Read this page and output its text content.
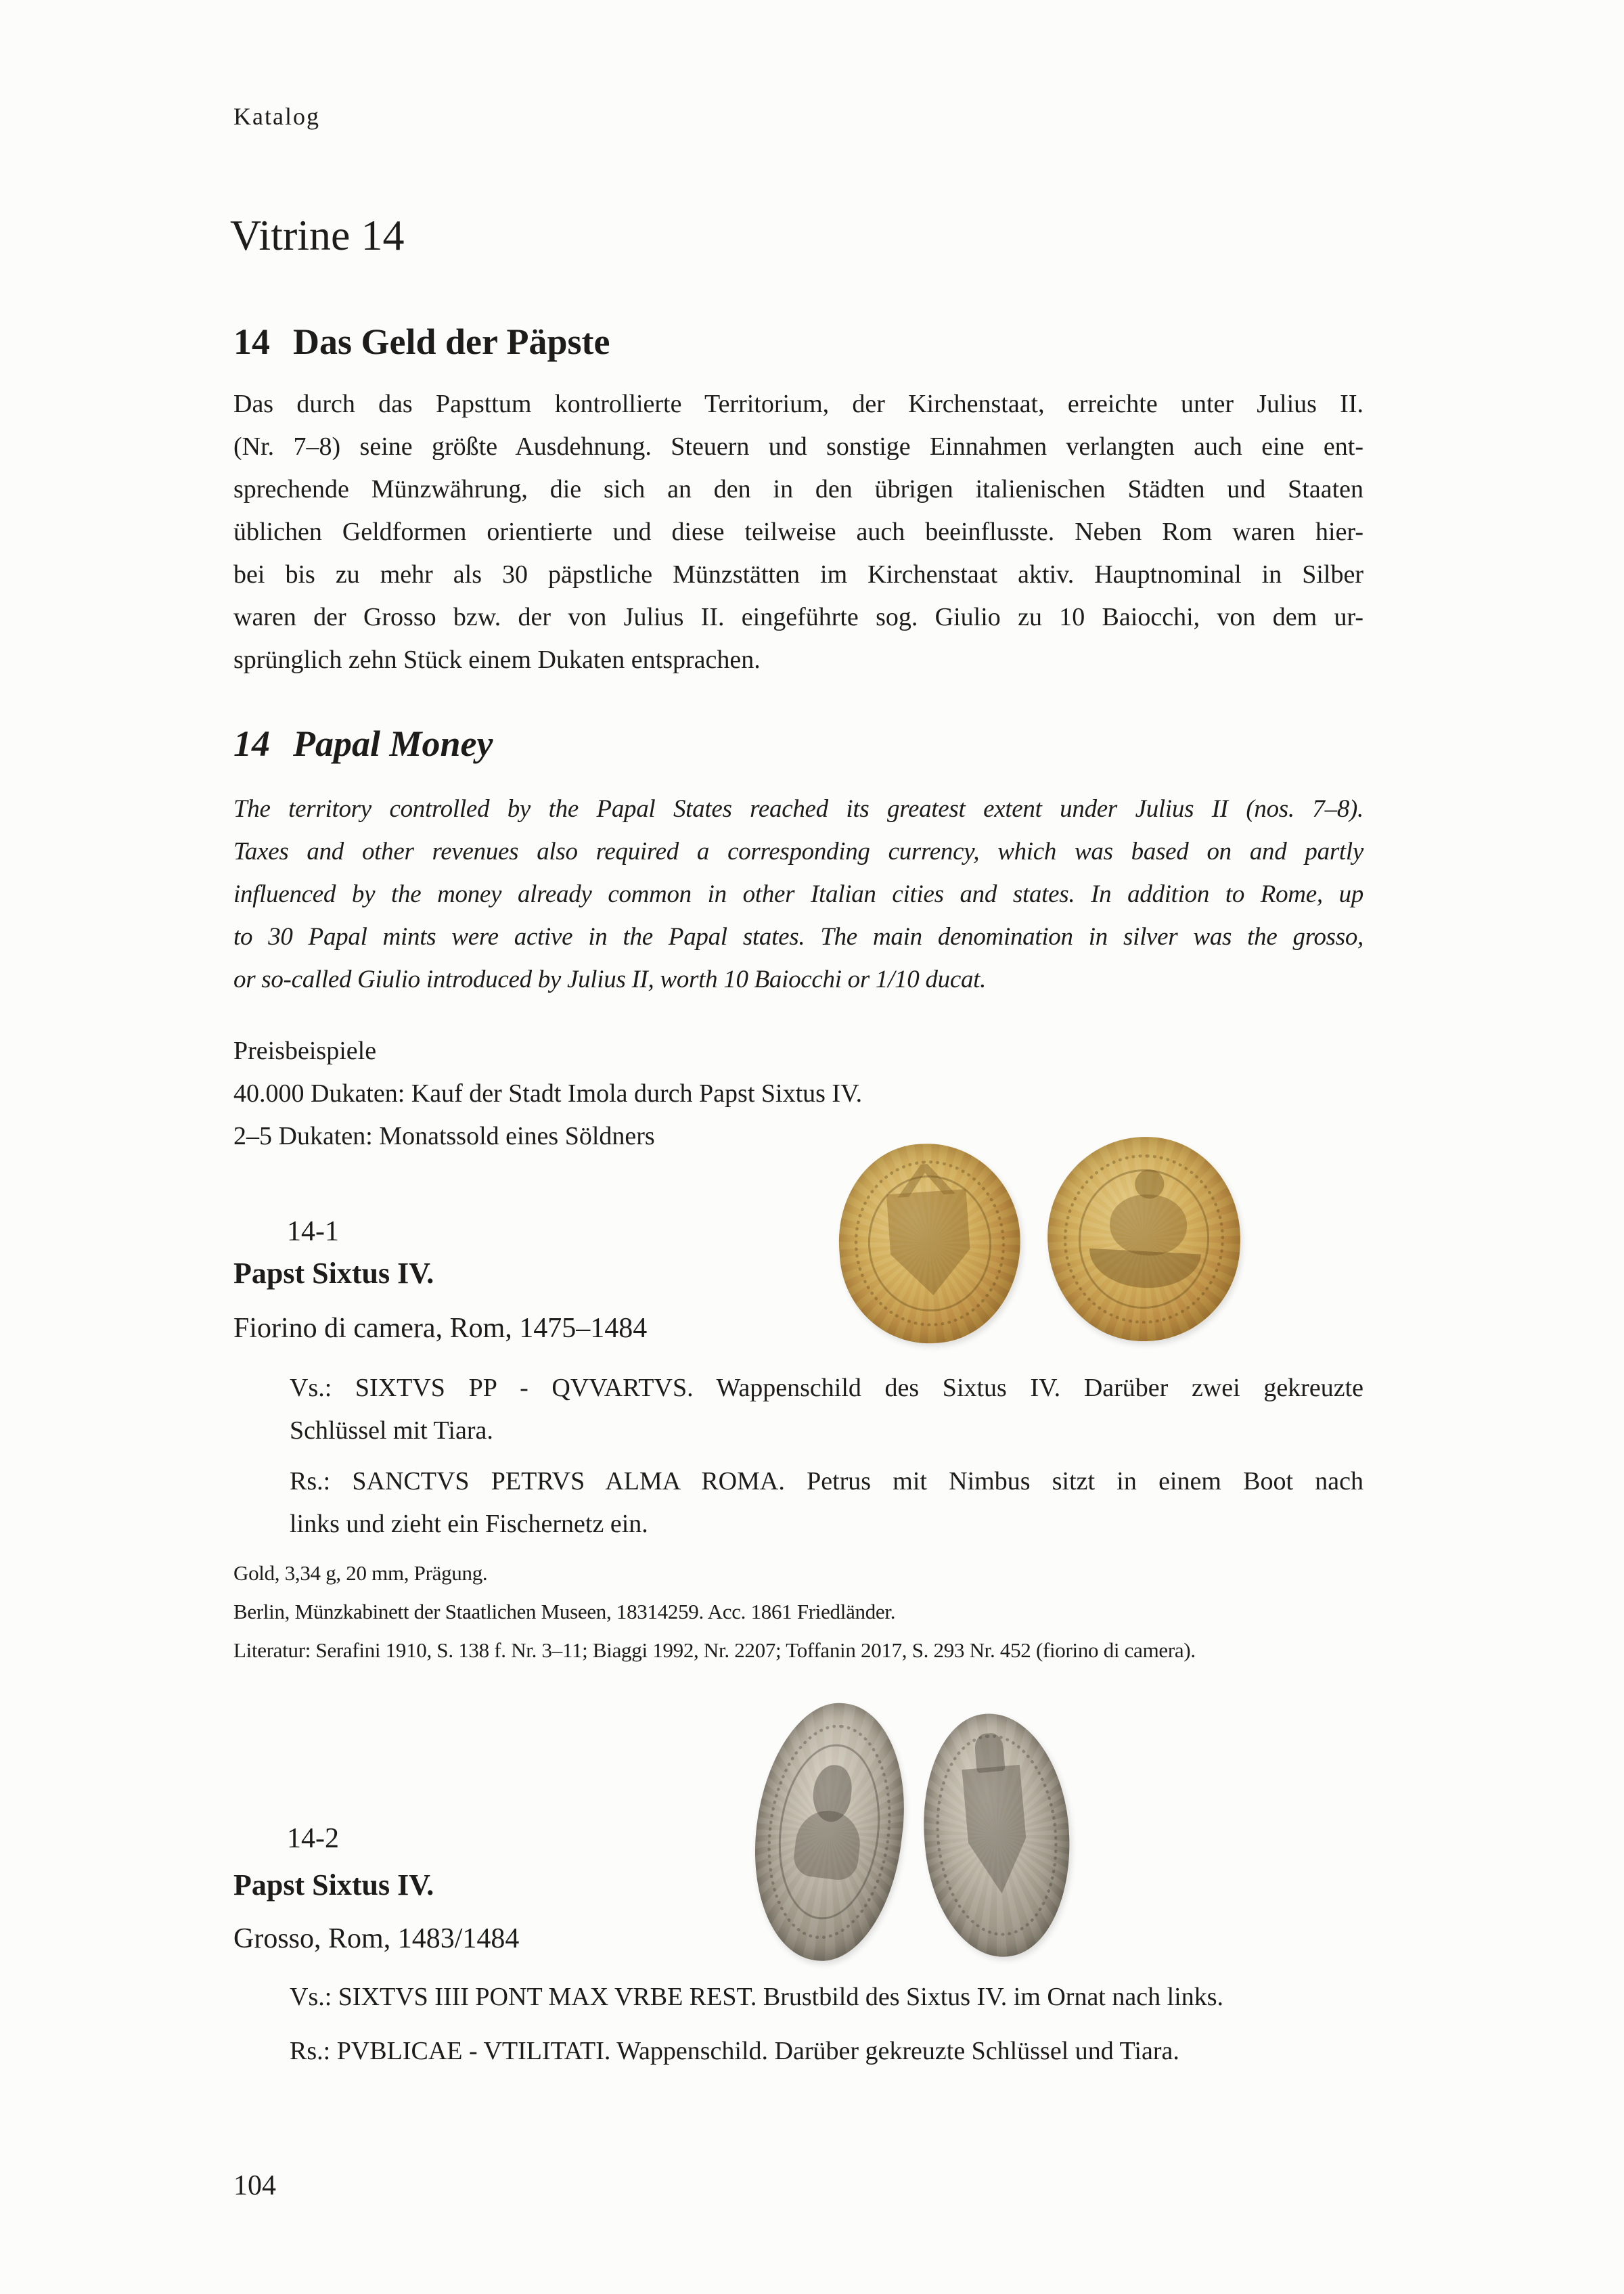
Katalog
Vitrine 14
14 Das Geld der Päpste
Das durch das Papsttum kontrollierte Territorium, der Kirchenstaat, erreichte unter Julius II.
(Nr. 7–8) seine größte Ausdehnung. Steuern und sonstige Einnahmen verlangten auch eine ent-
sprechende Münzwährung, die sich an den in den übrigen italienischen Städten und Staaten
üblichen Geldformen orientierte und diese teilweise auch beeinflusste. Neben Rom waren hier-
bei bis zu mehr als 30 päpstliche Münzstätten im Kirchenstaat aktiv. Hauptnominal in Silber
waren der Grosso bzw. der von Julius II. eingeführte sog. Giulio zu 10 Baiocchi, von dem ur-
sprünglich zehn Stück einem Dukaten entsprachen.
14 Papal Money
The territory controlled by the Papal States reached its greatest extent under Julius II (nos. 7–8).
Taxes and other revenues also required a corresponding currency, which was based on and partly
influenced by the money already common in other Italian cities and states. In addition to Rome, up
to 30 Papal mints were active in the Papal states. The main denomination in silver was the grosso,
or so-called Giulio introduced by Julius II, worth 10 Baiocchi or 1/10 ducat.
Preisbeispiele
40.000 Dukaten: Kauf der Stadt Imola durch Papst Sixtus IV.
2–5 Dukaten: Monatssold eines Söldners
14-1
Papst Sixtus IV.
Fiorino di camera, Rom, 1475–1484
Vs.: SIXTVS PP - QVVARTVS. Wappenschild des Sixtus IV. Darüber zwei gekreuzte
Schlüssel mit Tiara.
Rs.: SANCTVS PETRVS ALMA ROMA. Petrus mit Nimbus sitzt in einem Boot nach
links und zieht ein Fischernetz ein.
Gold, 3,34 g, 20 mm, Prägung.
Berlin, Münzkabinett der Staatlichen Museen, 18314259. Acc. 1861 Friedländer.
Literatur: Serafini 1910, S. 138 f. Nr. 3–11; Biaggi 1992, Nr. 2207; Toffanin 2017, S. 293 Nr. 452 (fiorino di camera).
14-2
Papst Sixtus IV.
Grosso, Rom, 1483/1484
Vs.: SIXTVS IIII PONT MAX VRBE REST. Brustbild des Sixtus IV. im Ornat nach links.
Rs.: PVBLICAE - VTILITATI. Wappenschild. Darüber gekreuzte Schlüssel und Tiara.
104
